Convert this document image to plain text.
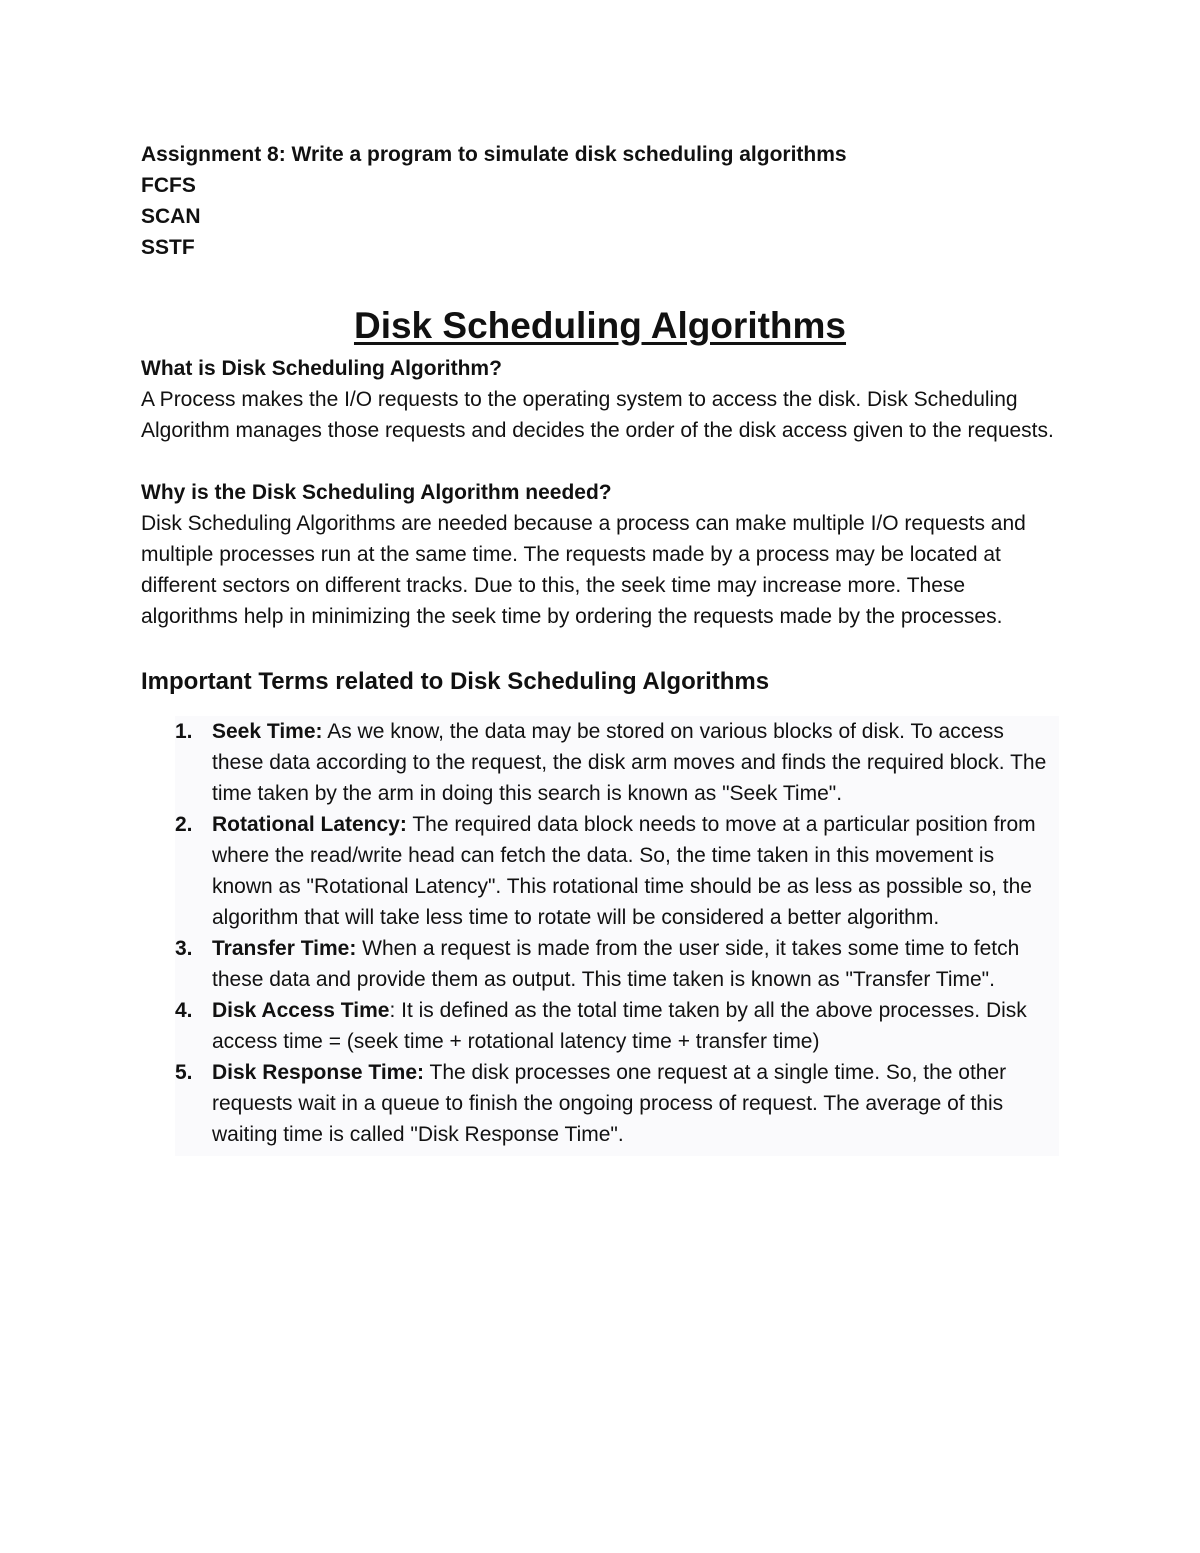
Assignment 8: Write a program to simulate disk scheduling algorithms

FCFS

SCAN

SSTF

Disk Scheduling Algorithms

What is Disk Scheduling Algorithm?

A Process makes the I/O requests to the operating system to access the disk. Disk Scheduling Algorithm manages those requests and decides the order of the disk access given to the requests.

Why is the Disk Scheduling Algorithm needed?

Disk Scheduling Algorithms are needed because a process can make multiple I/O requests and multiple processes run at the same time. The requests made by a process may be located at different sectors on different tracks. Due to this, the seek time may increase more. These algorithms help in minimizing the seek time by ordering the requests made by the processes.

Important Terms related to Disk Scheduling Algorithms
1. Seek Time: As we know, the data may be stored on various blocks of disk. To access these data according to the request, the disk arm moves and finds the required block. The time taken by the arm in doing this search is known as "Seek Time".
2. Rotational Latency: The required data block needs to move at a particular position from where the read/write head can fetch the data. So, the time taken in this movement is known as "Rotational Latency". This rotational time should be as less as possible so, the algorithm that will take less time to rotate will be considered a better algorithm.
3. Transfer Time: When a request is made from the user side, it takes some time to fetch these data and provide them as output. This time taken is known as "Transfer Time".
4. Disk Access Time: It is defined as the total time taken by all the above processes. Disk access time = (seek time + rotational latency time + transfer time)
5. Disk Response Time: The disk processes one request at a single time. So, the other requests wait in a queue to finish the ongoing process of request. The average of this waiting time is called "Disk Response Time".
